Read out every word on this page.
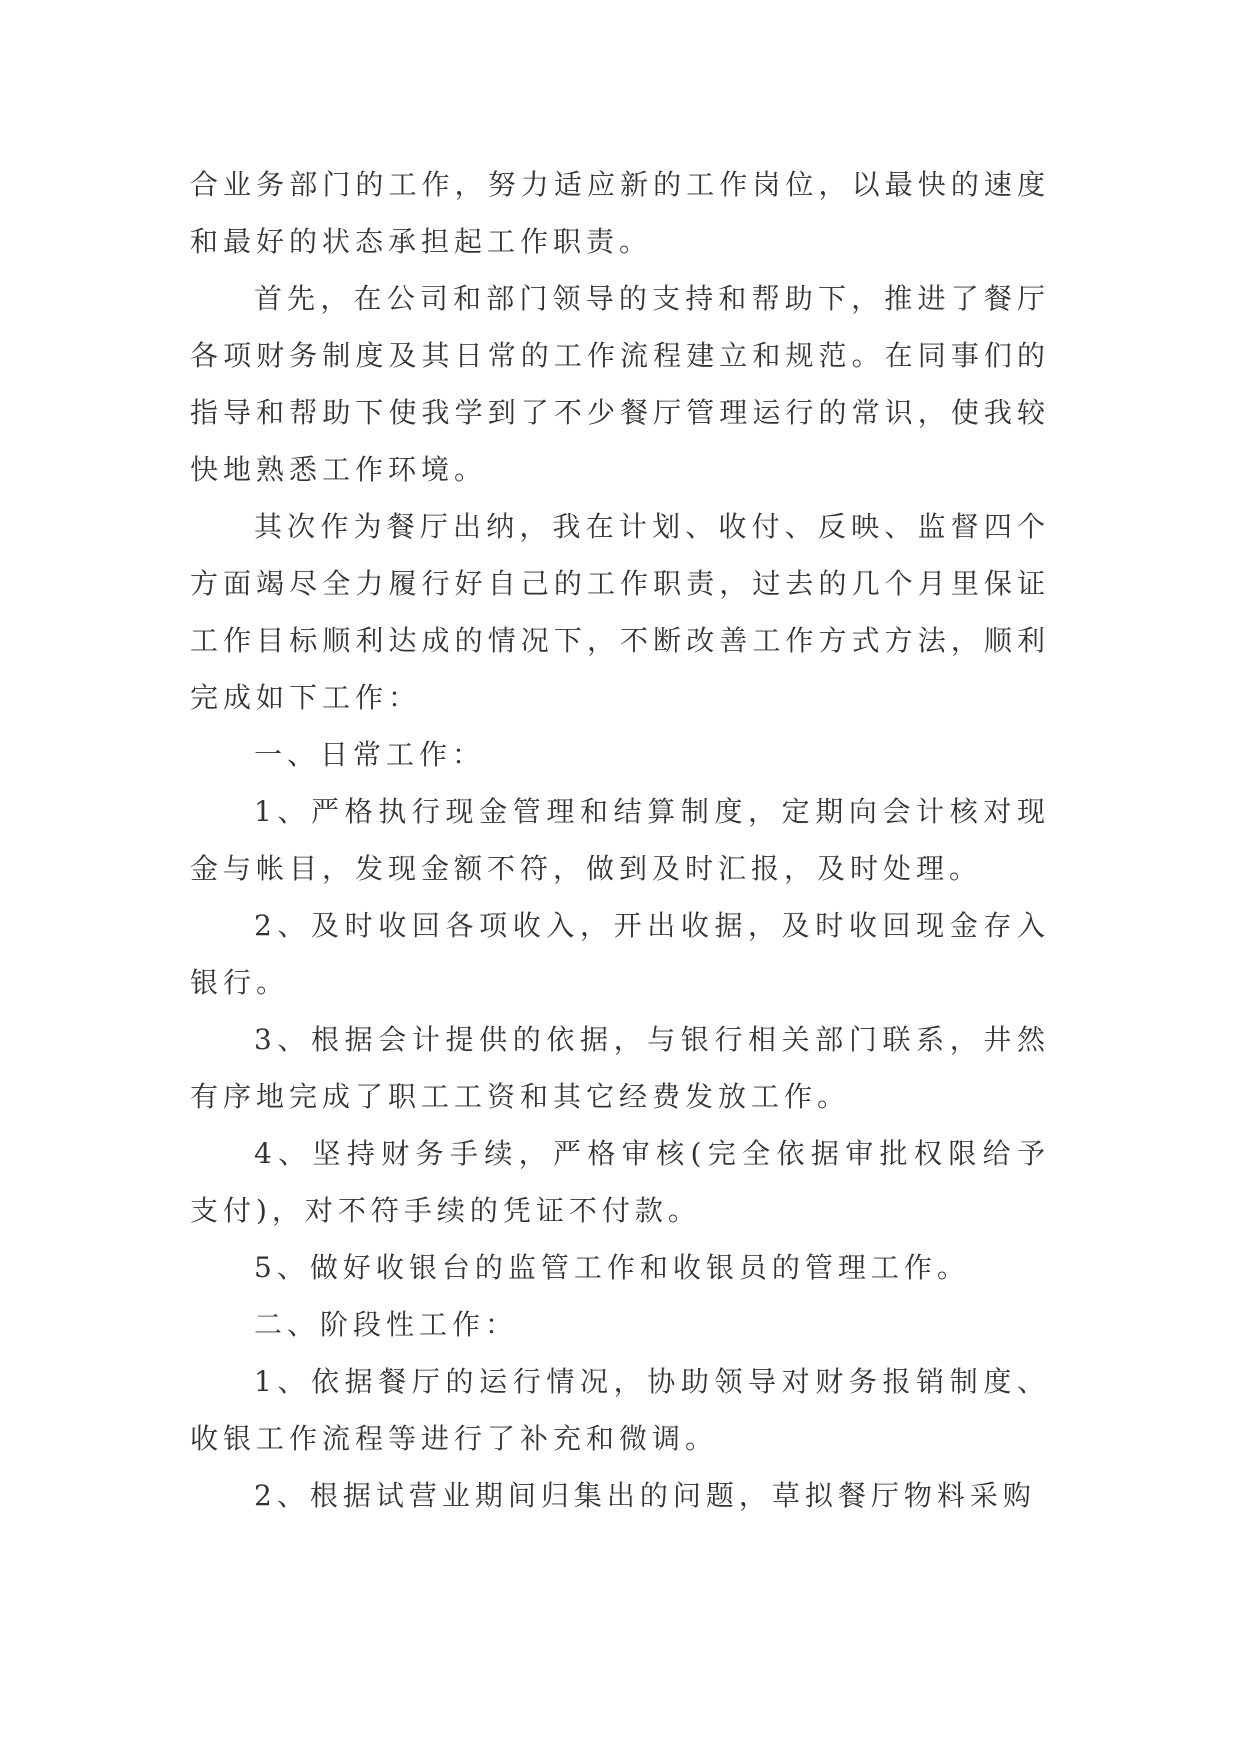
合业务部门的工作，努力适应新的工作岗位，以最快的速度和最好的状态承担起工作职责。

首先，在公司和部门领导的支持和帮助下，推进了餐厅各项财务制度及其日常的工作流程建立和规范。在同事们的指导和帮助下使我学到了不少餐厅管理运行的常识，使我较快地熟悉工作环境。

其次作为餐厅出纳，我在计划、收付、反映、监督四个方面竭尽全力履行好自己的工作职责，过去的几个月里保证工作目标顺利达成的情况下，不断改善工作方式方法，顺利完成如下工作：

一、日常工作：

1、严格执行现金管理和结算制度，定期向会计核对现金与帐目，发现金额不符，做到及时汇报，及时处理。

2、及时收回各项收入，开出收据，及时收回现金存入银行。

3、根据会计提供的依据，与银行相关部门联系，井然有序地完成了职工工资和其它经费发放工作。

4、坚持财务手续，严格审核(完全依据审批权限给予支付)，对不符手续的凭证不付款。

5、做好收银台的监管工作和收银员的管理工作。

二、阶段性工作：

1、依据餐厅的运行情况，协助领导对财务报销制度、收银工作流程等进行了补充和微调。

2、根据试营业期间归集出的问题，草拟餐厅物料采购
